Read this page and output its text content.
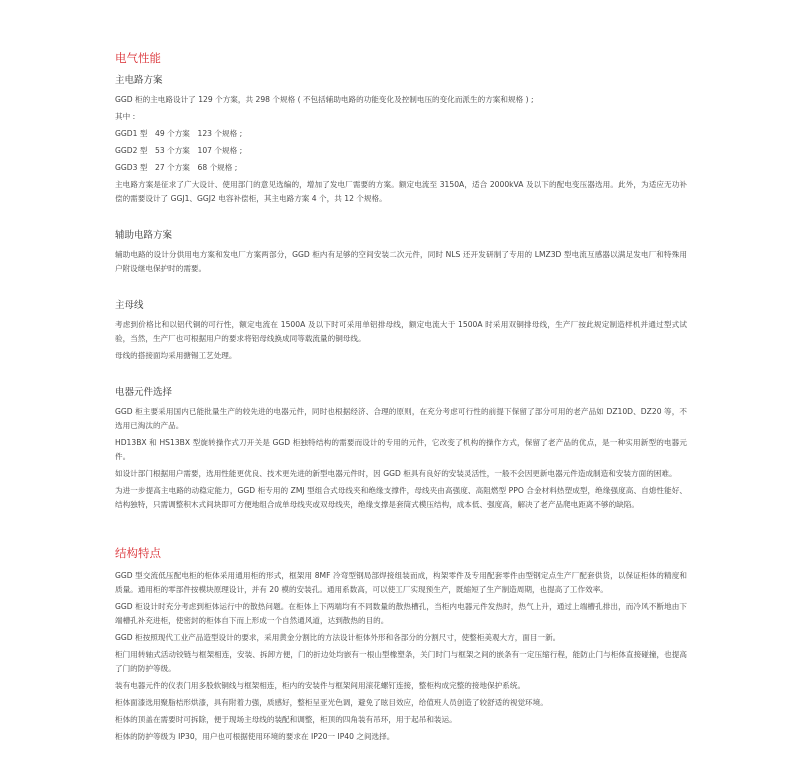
电气性能
主电路方案

GGD 柜的主电路设计了 129 个方案，共 298 个规格 ( 不包括辅助电路的功能变化及控制电压的变化而派生的方案和规格 ) ;

其中 :

GGD1 型　49 个方案　123 个规格 ;

GGD2 型　53 个方案　107 个规格 ;

GGD3 型　27 个方案　68 个规格 ;

主电路方案是征求了广大设计、使用部门的意见选编的，增加了发电厂需要的方案。额定电流至 3150A，适合 2000kVA 及以下的配电变压器选用。此外，为适应无功补偿的需要设计了 GGJ1、GGJ2 电容补偿柜，其主电路方案 4 个，共 12 个规格。

辅助电路方案

辅助电路的设计分供用电方案和发电厂方案两部分，GGD 柜内有足够的空间安装二次元件，同时 NLS 还开发研制了专用的 LMZ3D 型电流互感器以满足发电厂和特殊用户附设继电保护时的需要。

主母线

考虑到价格比和以铝代铜的可行性，额定电流在 1500A 及以下时可采用单铝排母线，额定电流大于 1500A 时采用双铜排母线，生产厂按此规定制造样机并通过型式试验，当然，生产厂也可根据用户的要求将铝母线换成同等载流量的铜母线。

母线的搭接面均采用搪锡工艺处理。

电器元件选择

GGD 柜主要采用国内已能批量生产的较先进的电器元件，同时也根据经济、合理的原则，在充分考虑可行性的前提下保留了部分可用的老产品如 DZ10D、DZ20 等，不选用已淘汰的产品。

HD13BX 和 HS13BX 型旋转操作式刀开关是 GGD 柜独特结构的需要而设计的专用的元件，它改变了机构的操作方式，保留了老产品的优点，是一种实用新型的电器元件。

如设计部门根据用户需要，选用性能更优良、技术更先进的新型电器元件时，因 GGD 柜具有良好的安装灵活性，一般不会因更新电器元件造成制造和安装方面的困难。

为进一步提高主电路的动稳定能力，GGD 柜专用的 ZMJ 型组合式母线夹和绝缘支撑件，母线夹由高强度、高阻燃型 PPO 合金材料热塑成型，绝缘强度高、自熄性能好、结构独特，只需调整积木式间块即可方便地组合成单母线夹或双母线夹，绝缘支撑是套筒式模压结构，成本低、强度高，解决了老产品爬电距离不够的缺陷。

结构特点

GGD 型交流低压配电柜的柜体采用通用柜的形式，框架用 8MF 冷弯型钢局部焊接组装而成，构架零件及专用配套零件由型钢定点生产厂配套供货，以保证柜体的精度和质量。通用柜的零部件按模块原理设计，并有 20 模的安装孔。通用系数高，可以使工厂实现预生产，既缩短了生产制造周期，也提高了工作效率。

GGD 柜设计时充分考虑到柜体运行中的散热问题。在柜体上下两端均有不同数量的散热槽孔，当柜内电器元件发热时，热气上升，通过上端槽孔排出，而冷风不断地由下端槽孔补充进柜，使密封的柜体自下而上形成一个自然通风道，达到散热的目的。

GGD 柜按照现代工业产品造型设计的要求，采用黄金分割比的方法设计柜体外形和各部分的分割尺寸，使整柜美观大方，面目一新。

柜门用转轴式活动铰链与框架相连，安装、拆卸方便，门的折边处均嵌有一根山型橡塑条，关门时门与框架之间的嵌条有一定压缩行程，能防止门与柜体直接碰撞，也提高了门的防护等级。

装有电器元件的仪表门用多股软铜线与框架相连，柜内的安装件与框架间用滚花螺钉连接，整柜构成完整的接地保护系统。

柜体面漆选用聚脂桔形烘漆，具有附着力强，质感好，整柜呈亚光色调，避免了眩目效应，给值班人员创造了较舒适的视觉环境。

柜体的顶盖在需要时可拆除，便于现场主母线的装配和调整，柜顶的四角装有吊环，用于起吊和装运。

柜体的防护等级为 IP30，用户也可根据使用环境的要求在 IP20一 IP40 之间选择。
